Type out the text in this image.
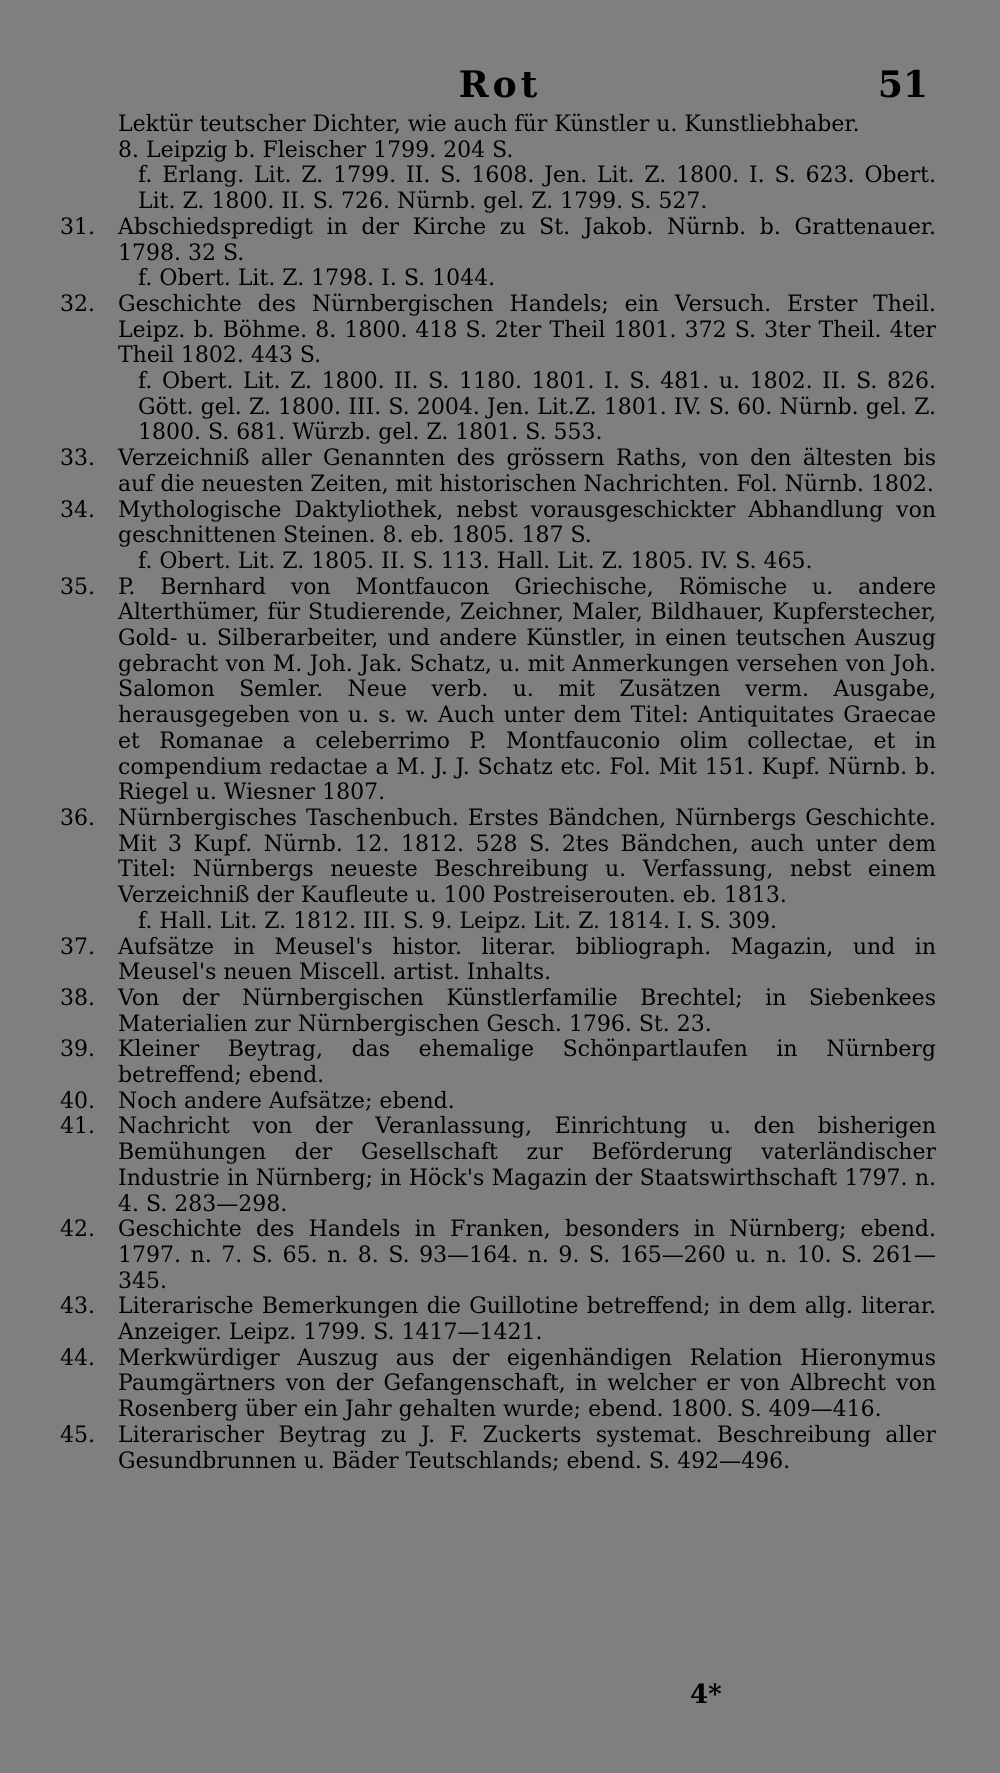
Rot	51
Lektür teutscher Dichter, wie auch für Künstler u. Kunstliebhaber.
8. Leipzig b. Fleischer 1799. 204 S.
f. Erlang. Lit. Z. 1799. II. S. 1608. Jen. Lit. Z. 1800. I. S. 623. Obert. Lit. Z. 1800. II. S. 726. Nürnb. gel. Z. 1799. S. 527.
31. Abschiedspredigt in der Kirche zu St. Jakob. Nürnb. b. Grattenauer. 1798. 32 S.
f. Obert. Lit. Z. 1798. I. S. 1044.
32. Geschichte des Nürnbergischen Handels; ein Versuch. Erster Theil. Leipz. b. Böhme. 8. 1800. 418 S. 2ter Theil 1801. 372 S. 3ter Theil. 4ter Theil 1802. 443 S.
f. Obert. Lit. Z. 1800. II. S. 1180. 1801. I. S. 481. u. 1802. II. S. 826. Gött. gel. Z. 1800. III. S. 2004. Jen. Lit.Z. 1801. IV. S. 60. Nürnb. gel. Z. 1800. S. 681. Würzb. gel. Z. 1801. S. 553.
33. Verzeichniß aller Genannten des grössern Raths, von den ältesten bis auf die neuesten Zeiten, mit historischen Nachrichten. Fol. Nürnb. 1802.
34. Mythologische Daktyliothek, nebst vorausgeschickter Abhandlung von geschnittenen Steinen. 8. eb. 1805. 187 S.
f. Obert. Lit. Z. 1805. II. S. 113. Hall. Lit. Z. 1805. IV. S. 465.
35. P. Bernhard von Montfaucon Griechische, Römische u. andere Alterthümer, für Studierende, Zeichner, Maler, Bildhauer, Kupferstecher, Gold- u. Silberarbeiter, und andere Künstler, in einen teutschen Auszug gebracht von M. Joh. Jak. Schatz, u. mit Anmerkungen versehen von Joh. Salomon Semler. Neue verb. u. mit Zusätzen verm. Ausgabe, herausgegeben von u. s. w. Auch unter dem Titel: Antiquitates Graecae et Romanae a celeberrimo P. Montfauconio olim collectae, et in compendium redactae a M. J. J. Schatz etc. Fol. Mit 151. Kupf. Nürnb. b. Riegel u. Wiesner 1807.
36. Nürnbergisches Taschenbuch. Erstes Bändchen, Nürnbergs Geschichte. Mit 3 Kupf. Nürnb. 12. 1812. 528 S. 2tes Bändchen, auch unter dem Titel: Nürnbergs neueste Beschreibung u. Verfassung, nebst einem Verzeichniß der Kaufleute u. 100 Postreiserouten. eb. 1813.
f. Hall. Lit. Z. 1812. III. S. 9. Leipz. Lit. Z. 1814. I. S. 309.
37. Aufsätze in Meusel's histor. literar. bibliograph. Magazin, und in Meusel's neuen Miscell. artist. Inhalts.
38. Von der Nürnbergischen Künstlerfamilie Brechtel; in Siebenkees Materialien zur Nürnbergischen Gesch. 1796. St. 23.
39. Kleiner Beytrag, das ehemalige Schönpartlaufen in Nürnberg betreffend; ebend.
40. Noch andere Aufsätze; ebend.
41. Nachricht von der Veranlassung, Einrichtung u. den bisherigen Bemühungen der Gesellschaft zur Beförderung vaterländischer Industrie in Nürnberg; in Höck's Magazin der Staatswirthschaft 1797. n. 4. S. 283—298.
42. Geschichte des Handels in Franken, besonders in Nürnberg; ebend. 1797. n. 7. S. 65. n. 8. S. 93—164. n. 9. S. 165—260 u. n. 10. S. 261—345.
43. Literarische Bemerkungen die Guillotine betreffend; in dem allg. literar. Anzeiger. Leipz. 1799. S. 1417—1421.
44. Merkwürdiger Auszug aus der eigenhändigen Relation Hieronymus Paumgärtners von der Gefangenschaft, in welcher er von Albrecht von Rosenberg über ein Jahr gehalten wurde; ebend. 1800. S. 409—416.
45. Literarischer Beytrag zu J. F. Zuckerts systemat. Beschreibung aller Gesundbrunnen u. Bäder Teutschlands; ebend. S. 492—496.
4*
